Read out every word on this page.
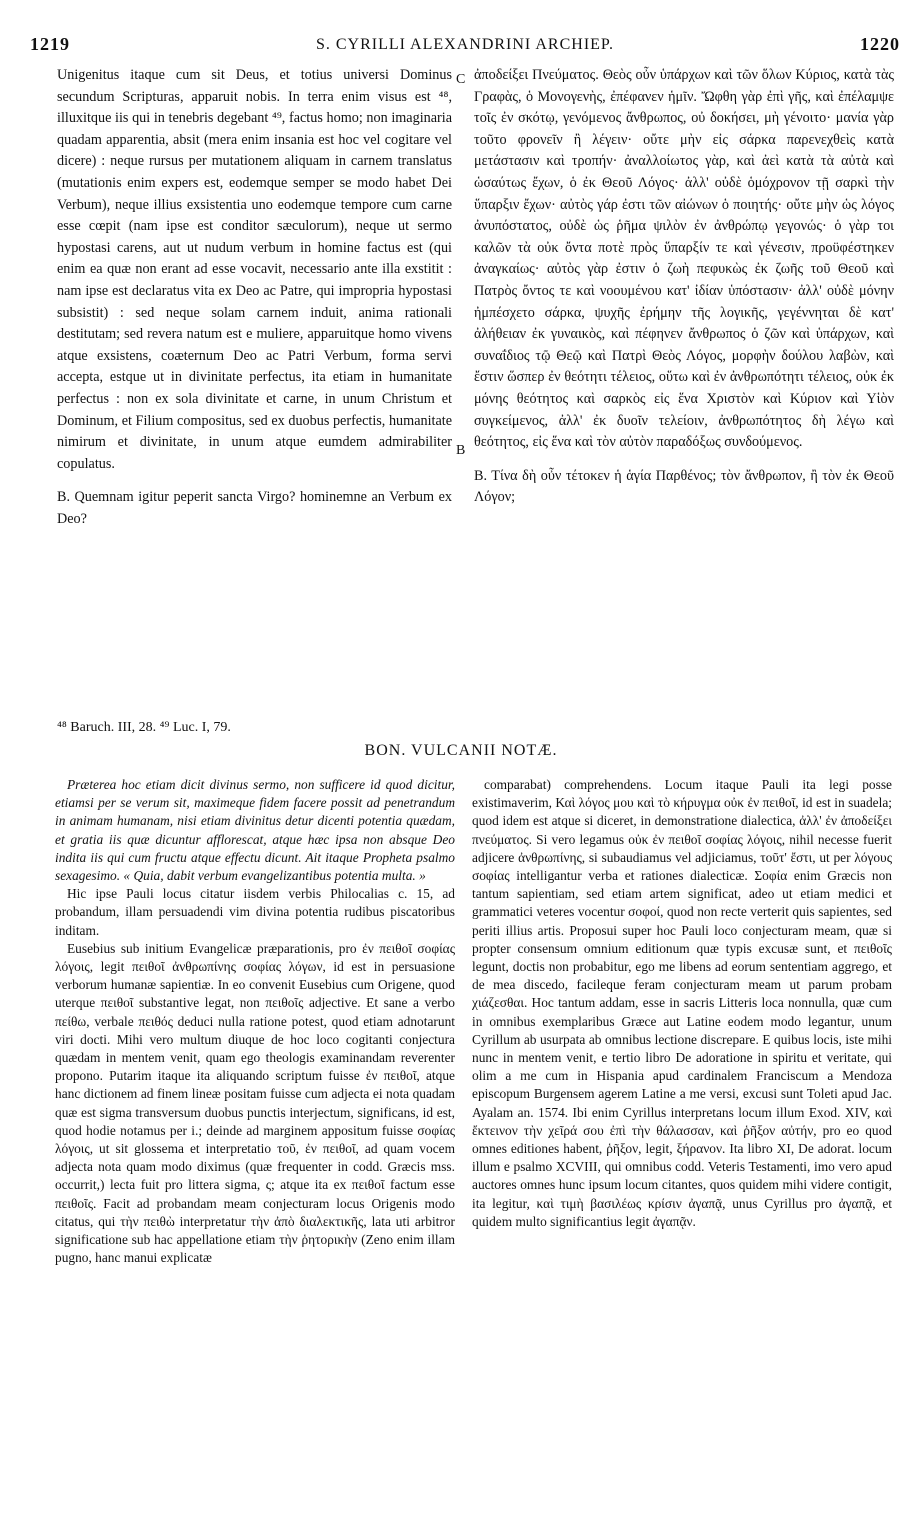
1219	S. CYRILLI ALEXANDRINI ARCHIEP.	1220

Unigenitus itaque cum sit Deus, et totius universi Dominus secundum Scripturas, apparuit nobis. In terra enim visus est ⁴⁸, illuxitque iis qui in tenebris degebant ⁴⁹, factus homo; non imaginaria quadam apparentia, absit (mera enim insania est hoc vel cogitare vel dicere) : neque rursus per mutationem aliquam in carnem translatus (mutationis enim expers est, eodemque semper se modo habet Dei Verbum), neque illius exsistentia uno eodemque tempore cum carne esse cœpit (nam ipse est conditor sæculorum), neque ut sermo hypostasi carens, aut ut nudum verbum in homine factus est (qui enim ea quæ non erant ad esse vocavit, necessario ante illa exstitit : nam ipse est declaratus vita ex Deo ac Patre, qui impropria hypostasi subsistit) : sed neque solam carnem induit, anima rationali destitutam; sed revera natum est e muliere, apparuitque homo vivens atque exsistens, coæternum Deo ac Patri Verbum, forma servi accepta, estque ut in divinitate perfectus, ita etiam in humanitate perfectus : non ex sola divinitate et carne, in unum Christum et Dominum, et Filium compositus, sed ex duobus perfectis, humanitate nimirum et divinitate, in unum atque eumdem admirabiliter copulatus.

B. Quemnam igitur peperit sancta Virgo? hominemne an Verbum ex Deo?

C
B

ἀποδείξει Πνεύματος. Θεὸς οὖν ὑπάρχων καὶ τῶν ὅλων Κύριος, κατὰ τὰς Γραφὰς, ὁ Μονογενὴς, ἐπέφανεν ἡμῖν. Ὤφθη γὰρ ἐπὶ γῆς, καὶ ἐπέλαμψε τοῖς ἐν σκότῳ, γενόμενος ἄνθρωπος, οὐ δοκήσει, μὴ γένοιτο· μανία γὰρ τοῦτο φρονεῖν ἢ λέγειν· οὔτε μὴν εἰς σάρκα παρενεχθεὶς κατὰ μετάστασιν καὶ τροπήν· ἀναλλοίωτος γὰρ, καὶ ἀεὶ κατὰ τὰ αὐτὰ καὶ ὡσαύτως ἔχων, ὁ ἐκ Θεοῦ Λόγος· ἀλλ' οὐδὲ ὁμόχρονον τῇ σαρκὶ τὴν ὕπαρξιν ἔχων· αὐτὸς γάρ ἐστι τῶν αἰώνων ὁ ποιητής· οὔτε μὴν ὡς λόγος ἀνυπόστατος, οὐδὲ ὡς ῥῆμα ψιλὸν ἐν ἀνθρώπῳ γεγονώς· ὁ γὰρ τοι καλῶν τὰ οὐκ ὄντα ποτὲ πρὸς ὕπαρξίν τε καὶ γένεσιν, προϋφέστηκεν ἀναγκαίως· αὐτὸς γὰρ ἐστιν ὁ ζωὴ πεφυκὼς ἐκ ζωῆς τοῦ Θεοῦ καὶ Πατρὸς ὄντος τε καὶ νοουμένου κατ' ἰδίαν ὑπόστασιν· ἀλλ' οὐδὲ μόνην ἠμπέσχετο σάρκα, ψυχῆς ἐρήμην τῆς λογικῆς, γεγέννηται δὲ κατ' ἀλήθειαν ἐκ γυναικὸς, καὶ πέφηνεν ἄνθρωπος ὁ ζῶν καὶ ὑπάρχων, καὶ συναΐδιος τῷ Θεῷ καὶ Πατρὶ Θεὸς Λόγος, μορφὴν δούλου λαβὼν, καὶ ἔστιν ὥσπερ ἐν θεότητι τέλειος, οὕτω καὶ ἐν ἀνθρωπότητι τέλειος, οὐκ ἐκ μόνης θεότητος καὶ σαρκὸς εἰς ἕνα Χριστὸν καὶ Κύριον καὶ Υἱὸν συγκείμενος, ἀλλ' ἐκ δυοῖν τελείοιν, ἀνθρωπότητος δὴ λέγω καὶ θεότητος, εἰς ἕνα καὶ τὸν αὐτὸν παραδόξως συνδούμενος.

Β. Τίνα δὴ οὖν τέτοκεν ἡ ἁγία Παρθένος; τὸν ἄνθρωπον, ἢ τὸν ἐκ Θεοῦ Λόγον;

⁴⁸ Baruch. III, 28. ⁴⁹ Luc. I, 79.
BON. VULCANII NOTÆ.

Præterea hoc etiam dicit divinus sermo, non sufficere id quod dicitur, etiamsi per se verum sit, maximeque fidem facere possit ad penetrandum in animam humanam, nisi etiam divinitus detur dicenti potentia quædam, et gratia iis quæ dicuntur afflorescat, atque hæc ipsa non absque Deo indita iis qui cum fructu atque effectu dicunt. Ait itaque Propheta psalmo sexagesimo. « Quia, dabit verbum evangelizantibus potentia multa. »

Hic ipse Pauli locus citatur iisdem verbis Philocalias c. 15, ad probandum, illam persuadendi vim divina potentia rudibus piscatoribus inditam.

Eusebius sub initium Evangelicæ præparationis, pro ἐν πειθοῖ σοφίας λόγοις, legit πειθοῖ ἀνθρωπίνης σοφίας λόγων, id est in persuasione verborum humanæ sapientiæ. In eo convenit Eusebius cum Origene, quod uterque πειθοῖ substantive legat, non πειθοῖς adjective. Et sane a verbo πείθω, verbale πειθός deduci nulla ratione potest, quod etiam adnotarunt viri docti. Mihi vero multum diuque de hoc loco cogitanti conjectura quædam in mentem venit, quam ego theologis examinandam reverenter propono. Putarim itaque ita aliquando scriptum fuisse ἐν πειθοῖ, atque hanc dictionem ad finem lineæ positam fuisse cum adjecta ei nota quadam quæ est sigma transversum duobus punctis interjectum, significans, id est, quod hodie notamus per i.; deinde ad marginem appositum fuisse σοφίας λόγοις, ut sit glossema et interpretatio τοῦ, ἐν πειθοῖ, ad quam vocem adjecta nota quam modo diximus (quæ frequenter in codd. Græcis mss. occurrit,) lecta fuit pro littera sigma, ς; atque ita ex πειθοῖ factum esse πειθοῖς. Facit ad probandam meam conjecturam locus Origenis modo citatus, qui τὴν πειθὼ interpretatur τὴν ἀπὸ διαλεκτικῆς, lata uti arbitror significatione sub hac appellatione etiam τὴν ῥητορικὴν (Zeno enim illam pugno, hanc manui explicatæ

comparabat) comprehendens. Locum itaque Pauli ita legi posse existimaverim, Καὶ λόγος μου καὶ τὸ κήρυγμα οὐκ ἐν πειθοῖ, id est in suadela; quod idem est atque si diceret, in demonstratione dialectica, ἀλλ' ἐν ἀποδείξει πνεύματος. Si vero legamus οὐκ ἐν πειθοῖ σοφίας λόγοις, nihil necesse fuerit adjicere ἀνθρωπίνης, si subaudiamus vel adjiciamus, τοῦτ' ἔστι, ut per λόγους σοφίας intelligantur verba et rationes dialecticæ. Σοφία enim Græcis non tantum sapientiam, sed etiam artem significat, adeo ut etiam medici et grammatici veteres vocentur σοφοί, quod non recte verterit quis sapientes, sed periti illius artis. Proposui super hoc Pauli loco conjecturam meam, quæ si propter consensum omnium editionum quæ typis excusæ sunt, et πειθοῖς legunt, doctis non probabitur, ego me libens ad eorum sententiam aggrego, et de mea discedo, facileque feram conjecturam meam ut parum probam χιάζεσθαι. Hoc tantum addam, esse in sacris Litteris loca nonnulla, quæ cum in omnibus exemplaribus Græce aut Latine eodem modo legantur, unum Cyrillum ab usurpata ab omnibus lectione discrepare. E quibus locis, iste mihi nunc in mentem venit, e tertio libro De adoratione in spiritu et veritate, qui olim a me cum in Hispania apud cardinalem Franciscum a Mendoza episcopum Burgensem agerem Latine a me versi, excusi sunt Toleti apud Jac. Ayalam an. 1574. Ibi enim Cyrillus interpretans locum illum Exod. XIV, καὶ ἔκτεινον τὴν χεῖρά σου ἐπὶ τὴν θάλασσαν, καὶ ῥῆξον αὐτήν, pro eo quod omnes editiones habent, ῥῆξον, legit, ξήρανον. Ita libro XI, De adorat. locum illum e psalmo XCVIII, qui omnibus codd. Veteris Testamenti, imo vero apud auctores omnes hunc ipsum locum citantes, quos quidem mihi videre contigit, ita legitur, καὶ τιμὴ βασιλέως κρίσιν ἀγαπᾷ, unus Cyrillus pro ἀγαπᾷ, et quidem multo significantius legit ἀγαπᾷν.
